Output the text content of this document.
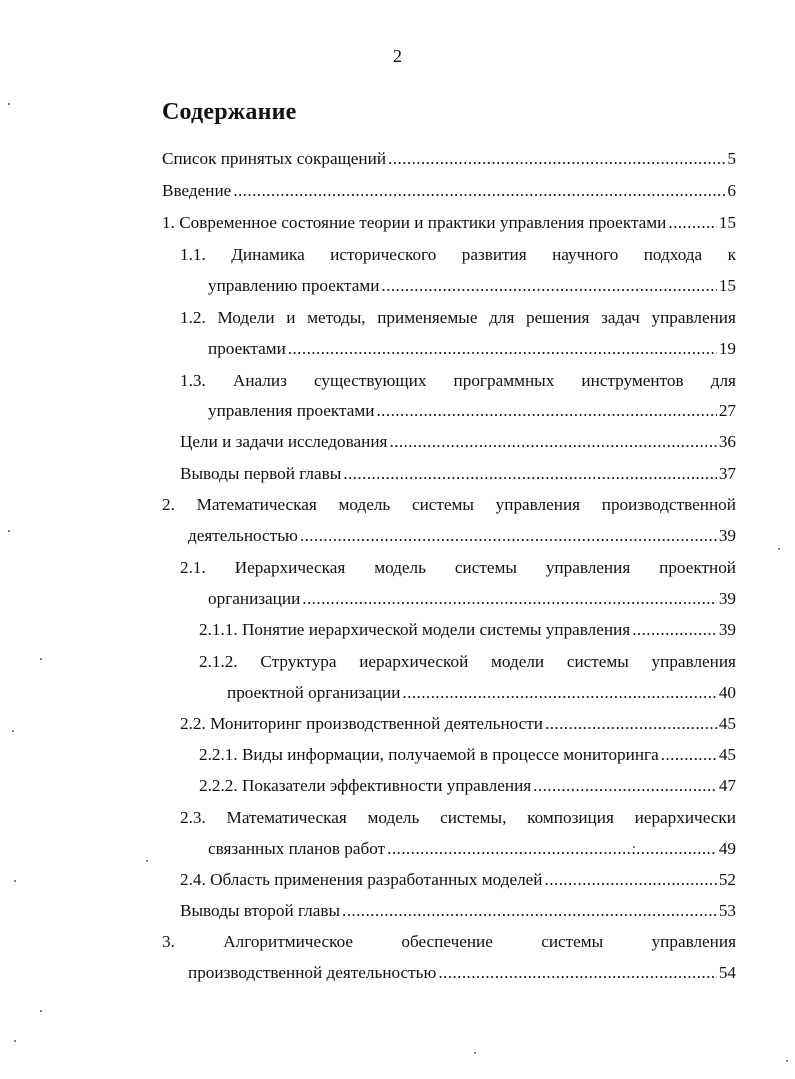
2
Содержание
Список принятых сокращений .....	5
Введение .....	6
1. Современное состояние теории и практики управления проектами .....	15
1.1. Динамика исторического развития научного подхода к
управлению проектами .....	15
1.2. Модели и методы, применяемые для решения задач управления
проектами .....	19
1.3. Анализ существующих программных инструментов для
управления проектами .....	27
Цели и задачи исследования .....	36
Выводы первой главы .....	37
2. Математическая модель системы управления производственной
деятельностью .....	39
2.1. Иерархическая модель системы управления проектной
организации .....	39
2.1.1. Понятие иерархической модели системы управления .....	39
2.1.2. Структура иерархической модели системы управления
проектной организации .....	40
2.2. Мониторинг производственной деятельности .....	45
2.2.1. Виды информации, получаемой в процессе мониторинга .....	45
2.2.2. Показатели эффективности управления .....	47
2.3. Математическая модель системы, композиция иерархически
связанных планов работ .....	49
2.4. Область применения разработанных моделей .....	52
Выводы второй главы .....	53
3.	Алгоритмическое	обеспечение	системы	управления
производственной деятельностью .....	54
